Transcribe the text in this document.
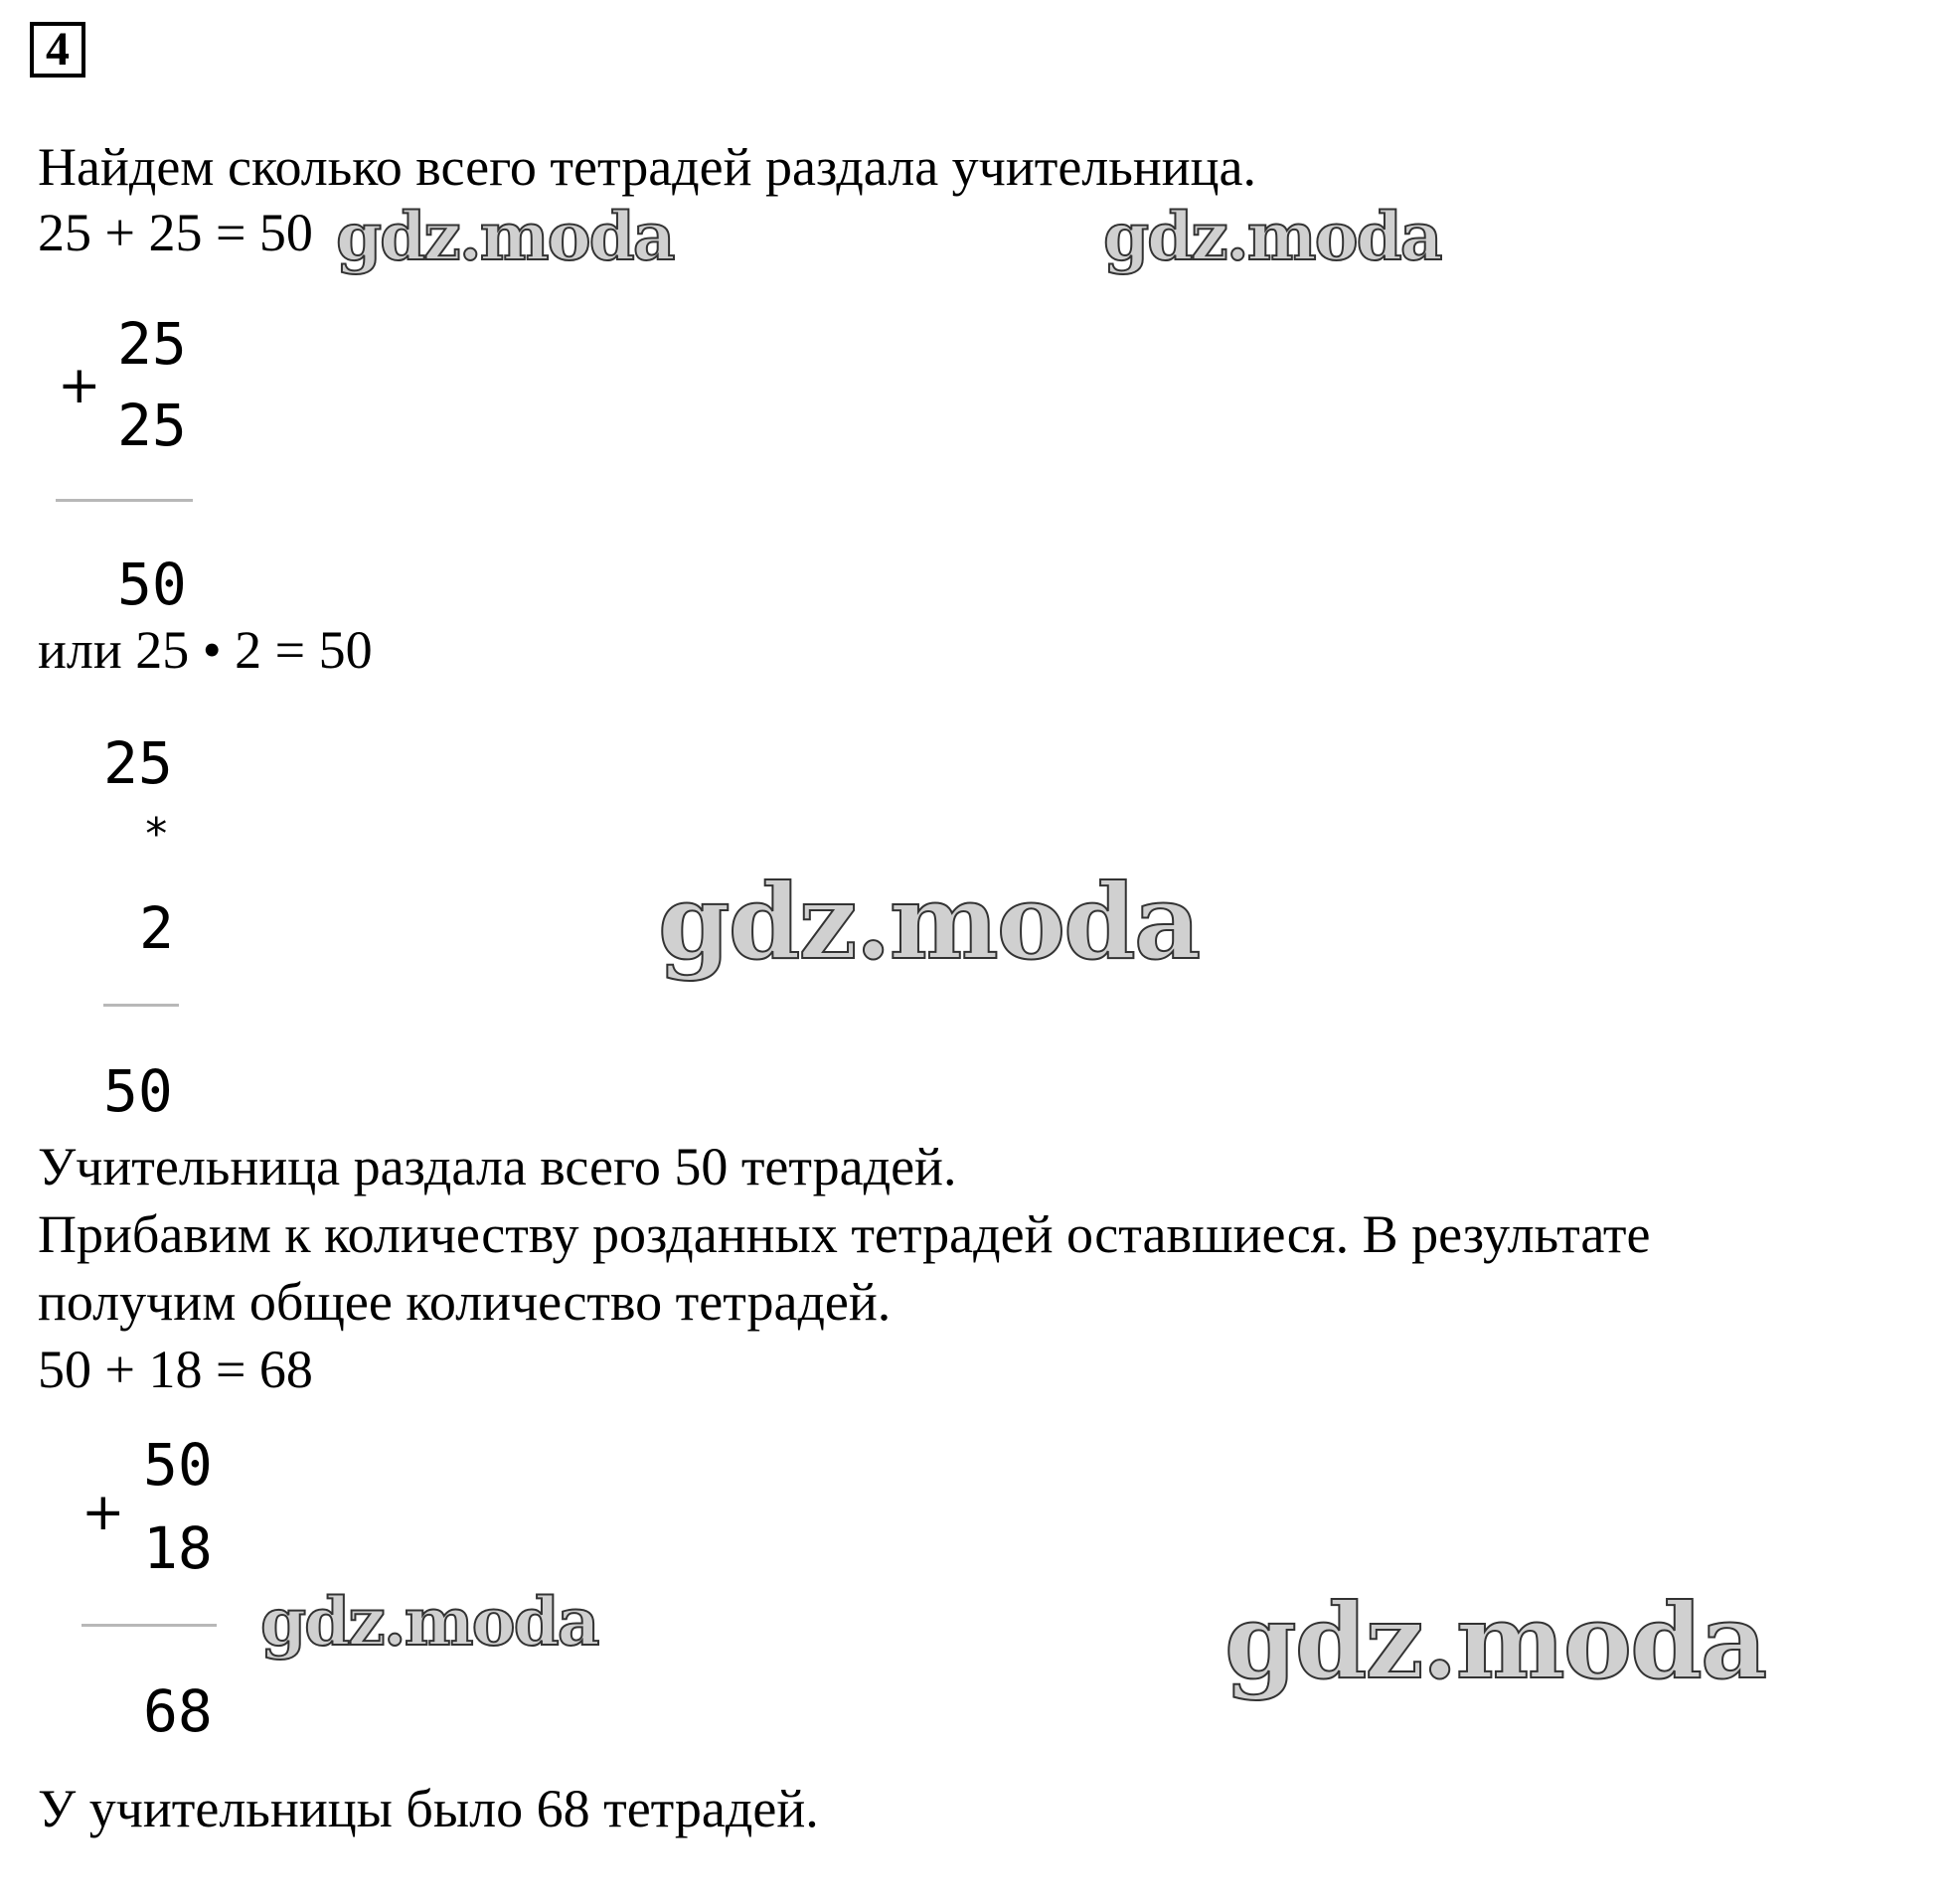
4
Найдем сколько всего тетрадей раздала учительница.
25 + 25 = 50 gdz.moda	gdz.moda
+
25
25
50
или 25 • 2 = 50
25
*
2
50
gdz.moda
Учительница раздала всего 50 тетрадей.
Прибавим к количеству розданных тетрадей оставшиеся. В результате
получим общее количество тетрадей.
50 + 18 = 68
+
50
18
68
gdz.moda	gdz.moda
У учительницы было 68 тетрадей.
